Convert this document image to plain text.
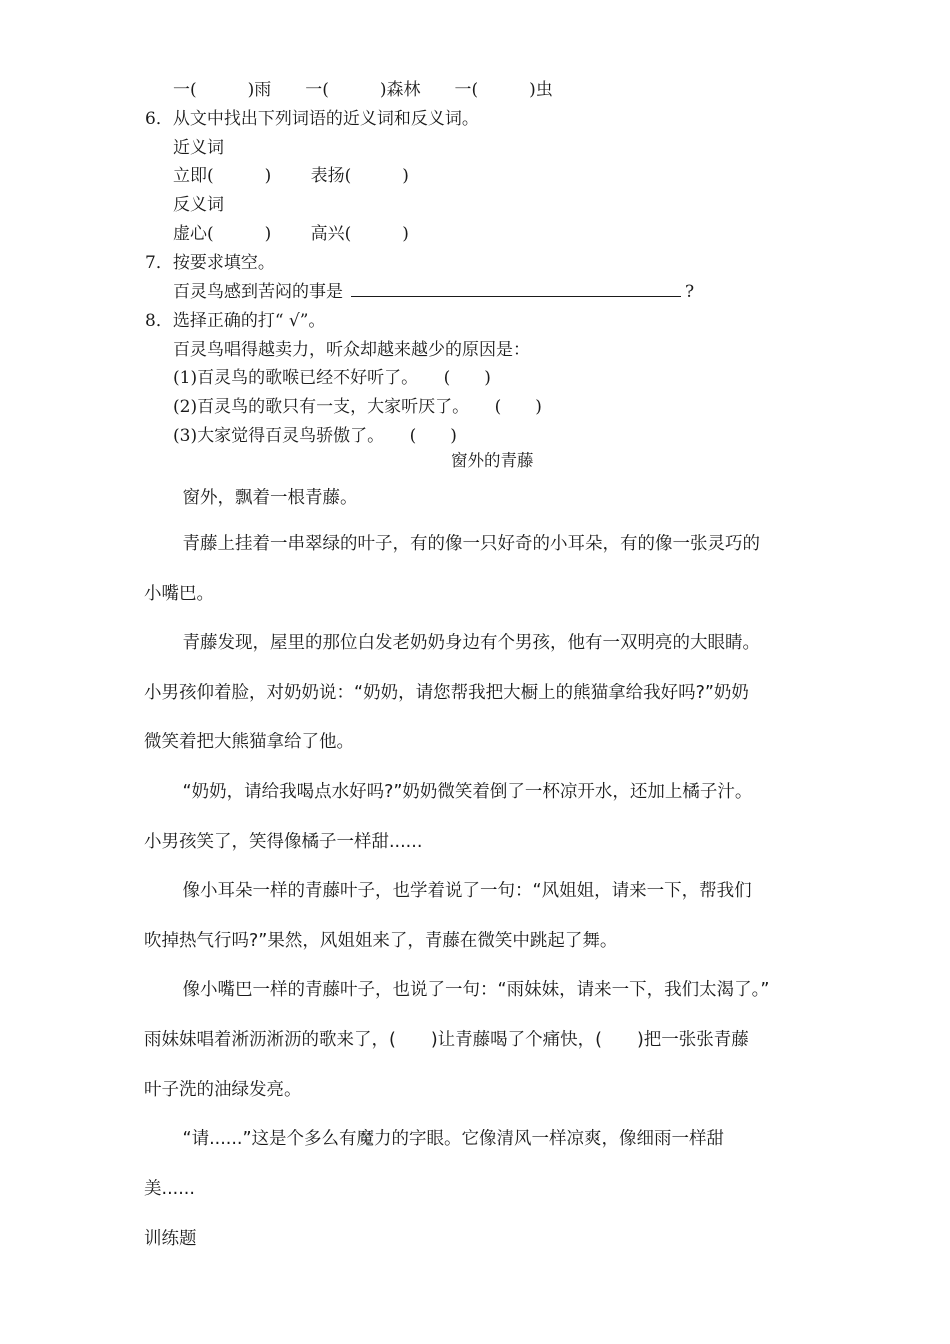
一(　　　)雨　　一(　　　)森林　　一(　　　)虫
6．从文中找出下列词语的近义词和反义词。
近义词
立即(　　　)　　 表扬(　　　)
反义词
虚心(　　　)　　 高兴(　　　)
7．按要求填空。
百灵鸟感到苦闷的事是	?
8．选择正确的打“ √”。
百灵鸟唱得越卖力，听众却越来越少的原因是：
(1)百灵鸟的歌喉已经不好听了。　　(　　)
(2)百灵鸟的歌只有一支，大家听厌了。　　(　　)
(3)大家觉得百灵鸟骄傲了。　　(　　)
窗外的青藤
　窗外，飘着一根青藤。
　青藤上挂着一串翠绿的叶子，有的像一只好奇的小耳朵，有的像一张灵巧的
小嘴巴。
　青藤发现，屋里的那位白发老奶奶身边有个男孩，他有一双明亮的大眼睛。
小男孩仰着脸，对奶奶说：“奶奶，请您帮我把大橱上的熊猫拿给我好吗?”奶奶
微笑着把大熊猫拿给了他。
　“奶奶，请给我喝点水好吗?”奶奶微笑着倒了一杯凉开水，还加上橘子汁。
小男孩笑了，笑得像橘子一样甜......
　像小耳朵一样的青藤叶子，也学着说了一句：“风姐姐，请来一下，帮我们
吹掉热气行吗?”果然，风姐姐来了，青藤在微笑中跳起了舞。
　像小嘴巴一样的青藤叶子，也说了一句：“雨妹妹，请来一下，我们太渴了。”
雨妹妹唱着淅沥淅沥的歌来了，(　　)让青藤喝了个痛快，(　　)把一张张青藤
叶子洗的油绿发亮。
　“请......”这是个多么有魔力的字眼。它像清风一样凉爽，像细雨一样甜
美......
训练题
